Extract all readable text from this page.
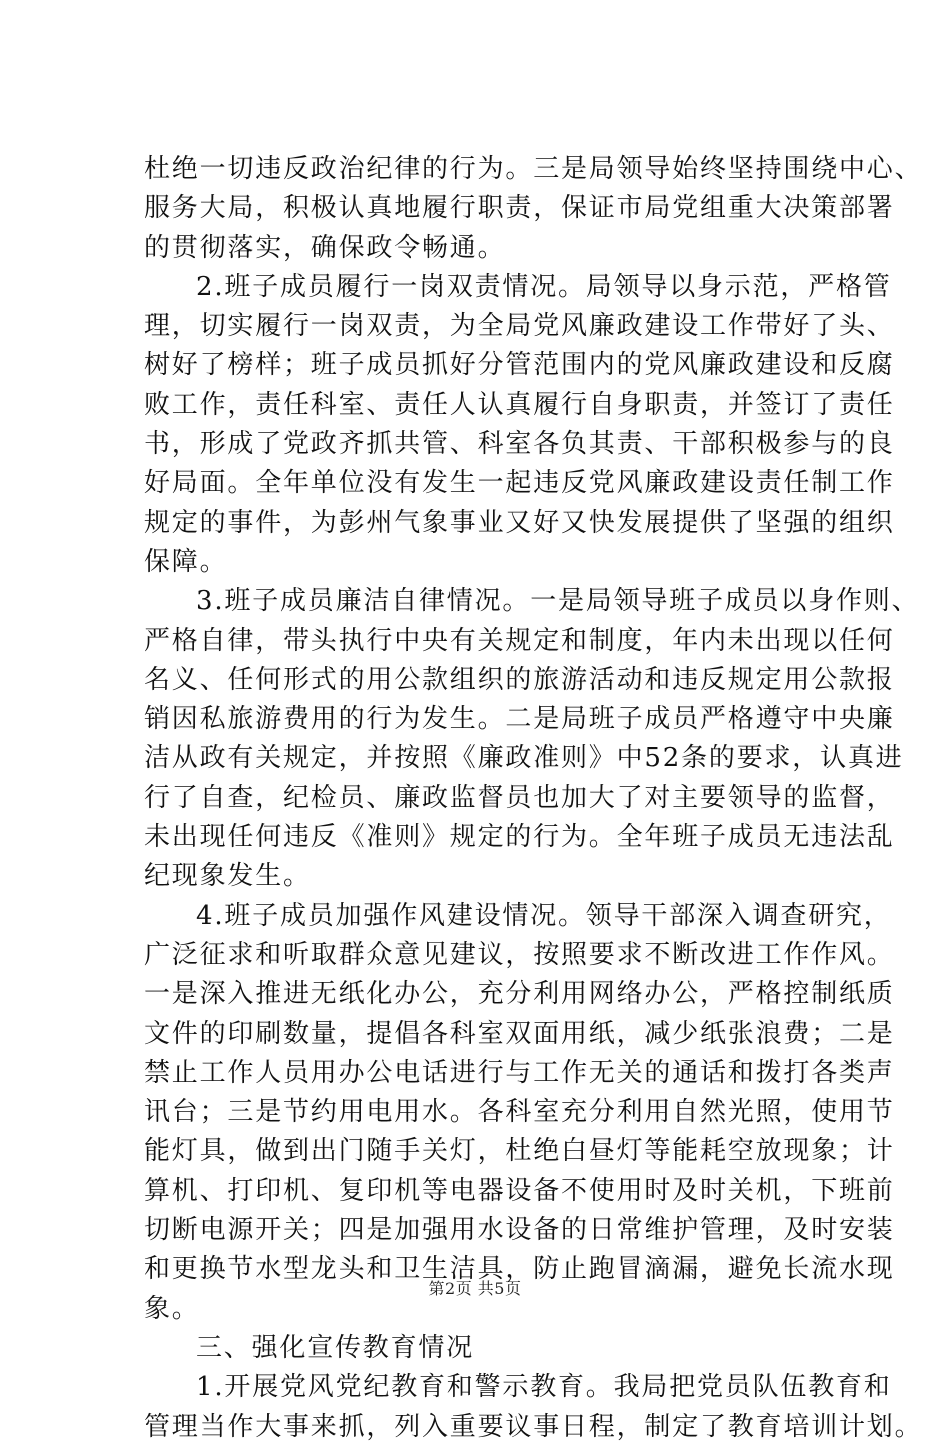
杜绝一切违反政治纪律的行为。三是局领导始终坚持围绕中心、
服务大局，积极认真地履行职责，保证市局党组重大决策部署
的贯彻落实，确保政令畅通。
2.班子成员履行一岗双责情况。局领导以身示范，严格管
理，切实履行一岗双责，为全局党风廉政建设工作带好了头、
树好了榜样；班子成员抓好分管范围内的党风廉政建设和反腐
败工作，责任科室、责任人认真履行自身职责，并签订了责任
书，形成了党政齐抓共管、科室各负其责、干部积极参与的良
好局面。全年单位没有发生一起违反党风廉政建设责任制工作
规定的事件，为彭州气象事业又好又快发展提供了坚强的组织
保障。
3.班子成员廉洁自律情况。一是局领导班子成员以身作则、
严格自律，带头执行中央有关规定和制度，年内未出现以任何
名义、任何形式的用公款组织的旅游活动和违反规定用公款报
销因私旅游费用的行为发生。二是局班子成员严格遵守中央廉
洁从政有关规定，并按照《廉政准则》中52条的要求，认真进
行了自查，纪检员、廉政监督员也加大了对主要领导的监督，
未出现任何违反《准则》规定的行为。全年班子成员无违法乱
纪现象发生。
4.班子成员加强作风建设情况。领导干部深入调查研究，
广泛征求和听取群众意见建议，按照要求不断改进工作作风。
一是深入推进无纸化办公，充分利用网络办公，严格控制纸质
文件的印刷数量，提倡各科室双面用纸，减少纸张浪费；二是
禁止工作人员用办公电话进行与工作无关的通话和拨打各类声
讯台；三是节约用电用水。各科室充分利用自然光照，使用节
能灯具，做到出门随手关灯，杜绝白昼灯等能耗空放现象；计
算机、打印机、复印机等电器设备不使用时及时关机，下班前
切断电源开关；四是加强用水设备的日常维护管理，及时安装
和更换节水型龙头和卫生洁具，防止跑冒滴漏，避免长流水现
象。
三、强化宣传教育情况
1.开展党风党纪教育和警示教育。我局把党员队伍教育和
管理当作大事来抓，列入重要议事日程，制定了教育培训计划。
第2页 共5页
